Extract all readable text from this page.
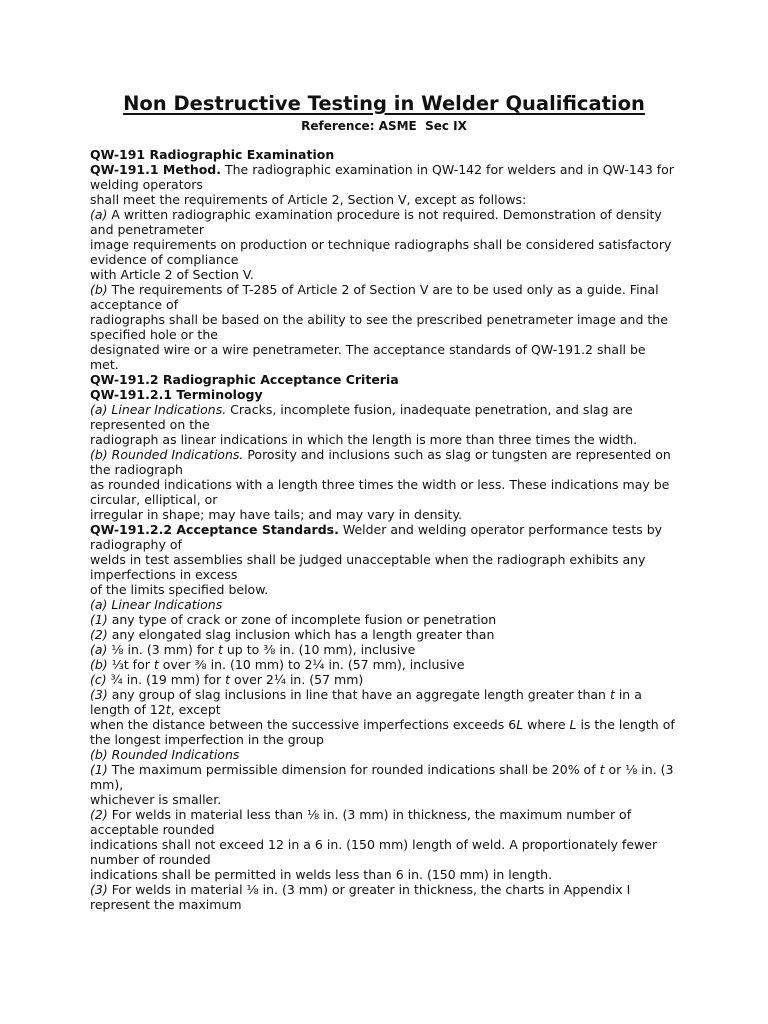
Non Destructive Testing in Welder Qualification
Reference: ASME  Sec IX
QW-191 Radiographic Examination
QW-191.1 Method. The radiographic examination in QW-142 for welders and in QW-143 for
welding operators
shall meet the requirements of Article 2, Section V, except as follows:
(a) A written radiographic examination procedure is not required. Demonstration of density
and penetrameter
image requirements on production or technique radiographs shall be considered satisfactory
evidence of compliance
with Article 2 of Section V.
(b) The requirements of T-285 of Article 2 of Section V are to be used only as a guide. Final
acceptance of
radiographs shall be based on the ability to see the prescribed penetrameter image and the
specified hole or the
designated wire or a wire penetrameter. The acceptance standards of QW-191.2 shall be
met.
QW-191.2 Radiographic Acceptance Criteria
QW-191.2.1 Terminology
(a) Linear Indications. Cracks, incomplete fusion, inadequate penetration, and slag are
represented on the
radiograph as linear indications in which the length is more than three times the width.
(b) Rounded Indications. Porosity and inclusions such as slag or tungsten are represented on
the radiograph
as rounded indications with a length three times the width or less. These indications may be
circular, elliptical, or
irregular in shape; may have tails; and may vary in density.
QW-191.2.2 Acceptance Standards. Welder and welding operator performance tests by
radiography of
welds in test assemblies shall be judged unacceptable when the radiograph exhibits any
imperfections in excess
of the limits specified below.
(a) Linear Indications
(1) any type of crack or zone of incomplete fusion or penetration
(2) any elongated slag inclusion which has a length greater than
(a) ⅛ in. (3 mm) for t up to ⅜ in. (10 mm), inclusive
(b) ⅓t for t over ⅜ in. (10 mm) to 2¼ in. (57 mm), inclusive
(c) ¾ in. (19 mm) for t over 2¼ in. (57 mm)
(3) any group of slag inclusions in line that have an aggregate length greater than t in a
length of 12t, except
when the distance between the successive imperfections exceeds 6L where L is the length of
the longest imperfection in the group
(b) Rounded Indications
(1) The maximum permissible dimension for rounded indications shall be 20% of t or ⅛ in. (3
mm),
whichever is smaller.
(2) For welds in material less than ⅛ in. (3 mm) in thickness, the maximum number of
acceptable rounded
indications shall not exceed 12 in a 6 in. (150 mm) length of weld. A proportionately fewer
number of rounded
indications shall be permitted in welds less than 6 in. (150 mm) in length.
(3) For welds in material ⅛ in. (3 mm) or greater in thickness, the charts in Appendix I
represent the maximum
